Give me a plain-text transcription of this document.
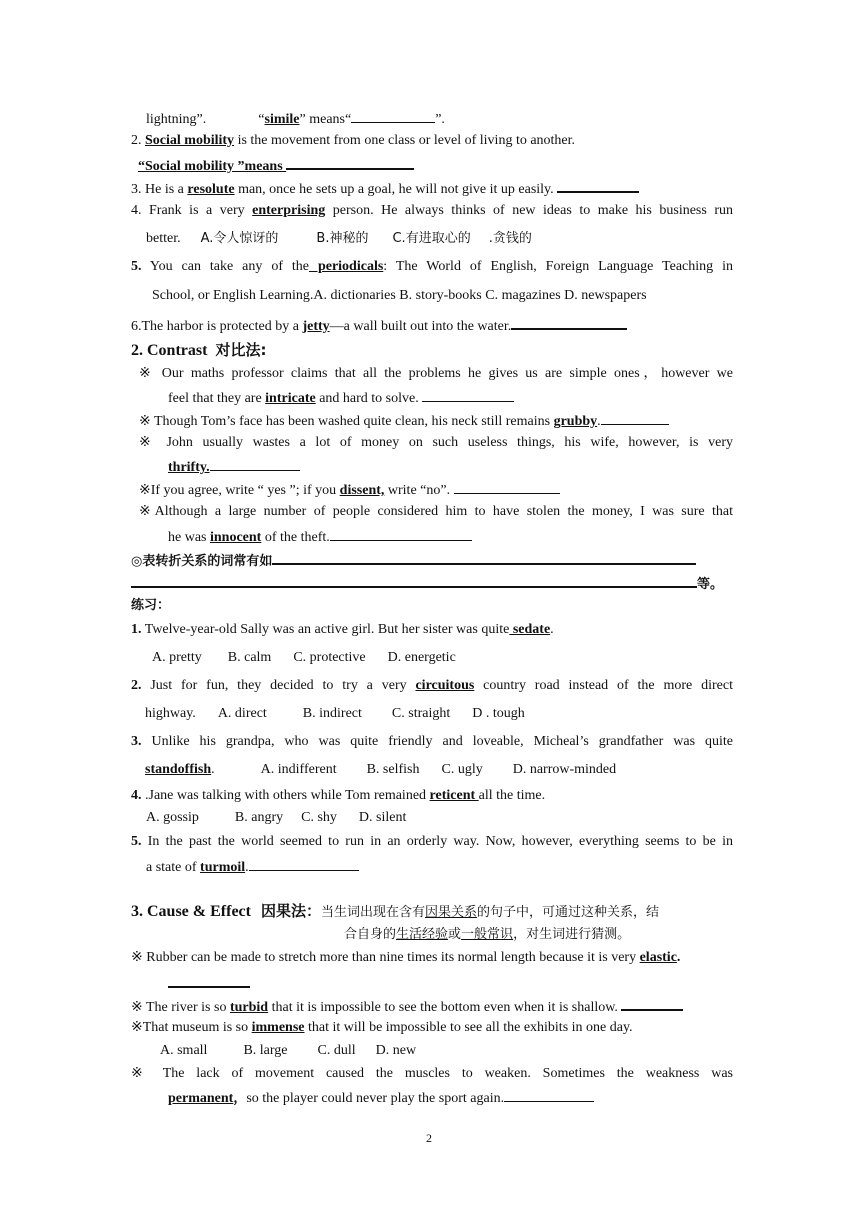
lightning”.	“simile” means“	”.
2. Social mobility is the movement from one class or level of living to another.
“Social mobility ”means
3. He is a resolute man, once he sets up a goal, he will not give it up easily.
4. Frank is a very enterprising person. He always thinks of new ideas to make his business run
better. A.令人惊讶的	B.神秘的 C.有进取心的 .贪钱的
5. You can take any of the periodicals: The World of English, Foreign Language Teaching in
School, or English Learning.A. dictionaries B. story-books C. magazines D. newspapers
6.The harbor is protected by a jetty—a wall built out into the water.
2. Contrast 对比法:
※ Our maths professor claims that all the problems he gives us are simple ones，however we
feel that they are intricate and hard to solve.
※ Though Tom’s face has been washed quite clean, his neck still remains grubby.
※ John usually wastes a lot of money on such useless things, his wife, however, is very
thrifty.
※If you agree, write “ yes ”; if you dissent, write “no”.
※Although a large number of people considered him to have stolen the money, I was sure that
he was innocent of the theft.
◎表转折关系的词常有如
等。
练习：
1. Twelve-year-old Sally was an active girl. But her sister was quite sedate.
A. pretty B. calm C. protective D. energetic
2. Just for fun, they decided to try a very circuitous country road instead of the more direct
highway. A. direct	B. indirect C. straight D . tough
3. Unlike his grandpa, who was quite friendly and loveable, Micheal’s grandfather was quite
standoffish.	A. indifferent B. selfish C. ugly D. narrow-minded
4. .Jane was talking with others while Tom remained reticent all the time.
A. gossip	B. angry C. shy D. silent
5. In the past the world seemed to run in an orderly way. Now, however, everything seems to be in
a state of turmoil.
3. Cause & Effect 因果法：当生词出现在含有因果关系的句子中，可通过这种关系，结
合自身的生活经验或一般常识，对生词进行猜测。
※ Rubber can be made to stretch more than nine times its normal length because it is very elastic.
※ The river is so turbid that it is impossible to see the bottom even when it is shallow.
※That museum is so immense that it will be impossible to see all the exhibits in one day.
A. small	B. large C. dull D. new
※ The lack of movement caused the muscles to weaken. Sometimes the weakness was
permanent，so the player could never play the sport again.
2
